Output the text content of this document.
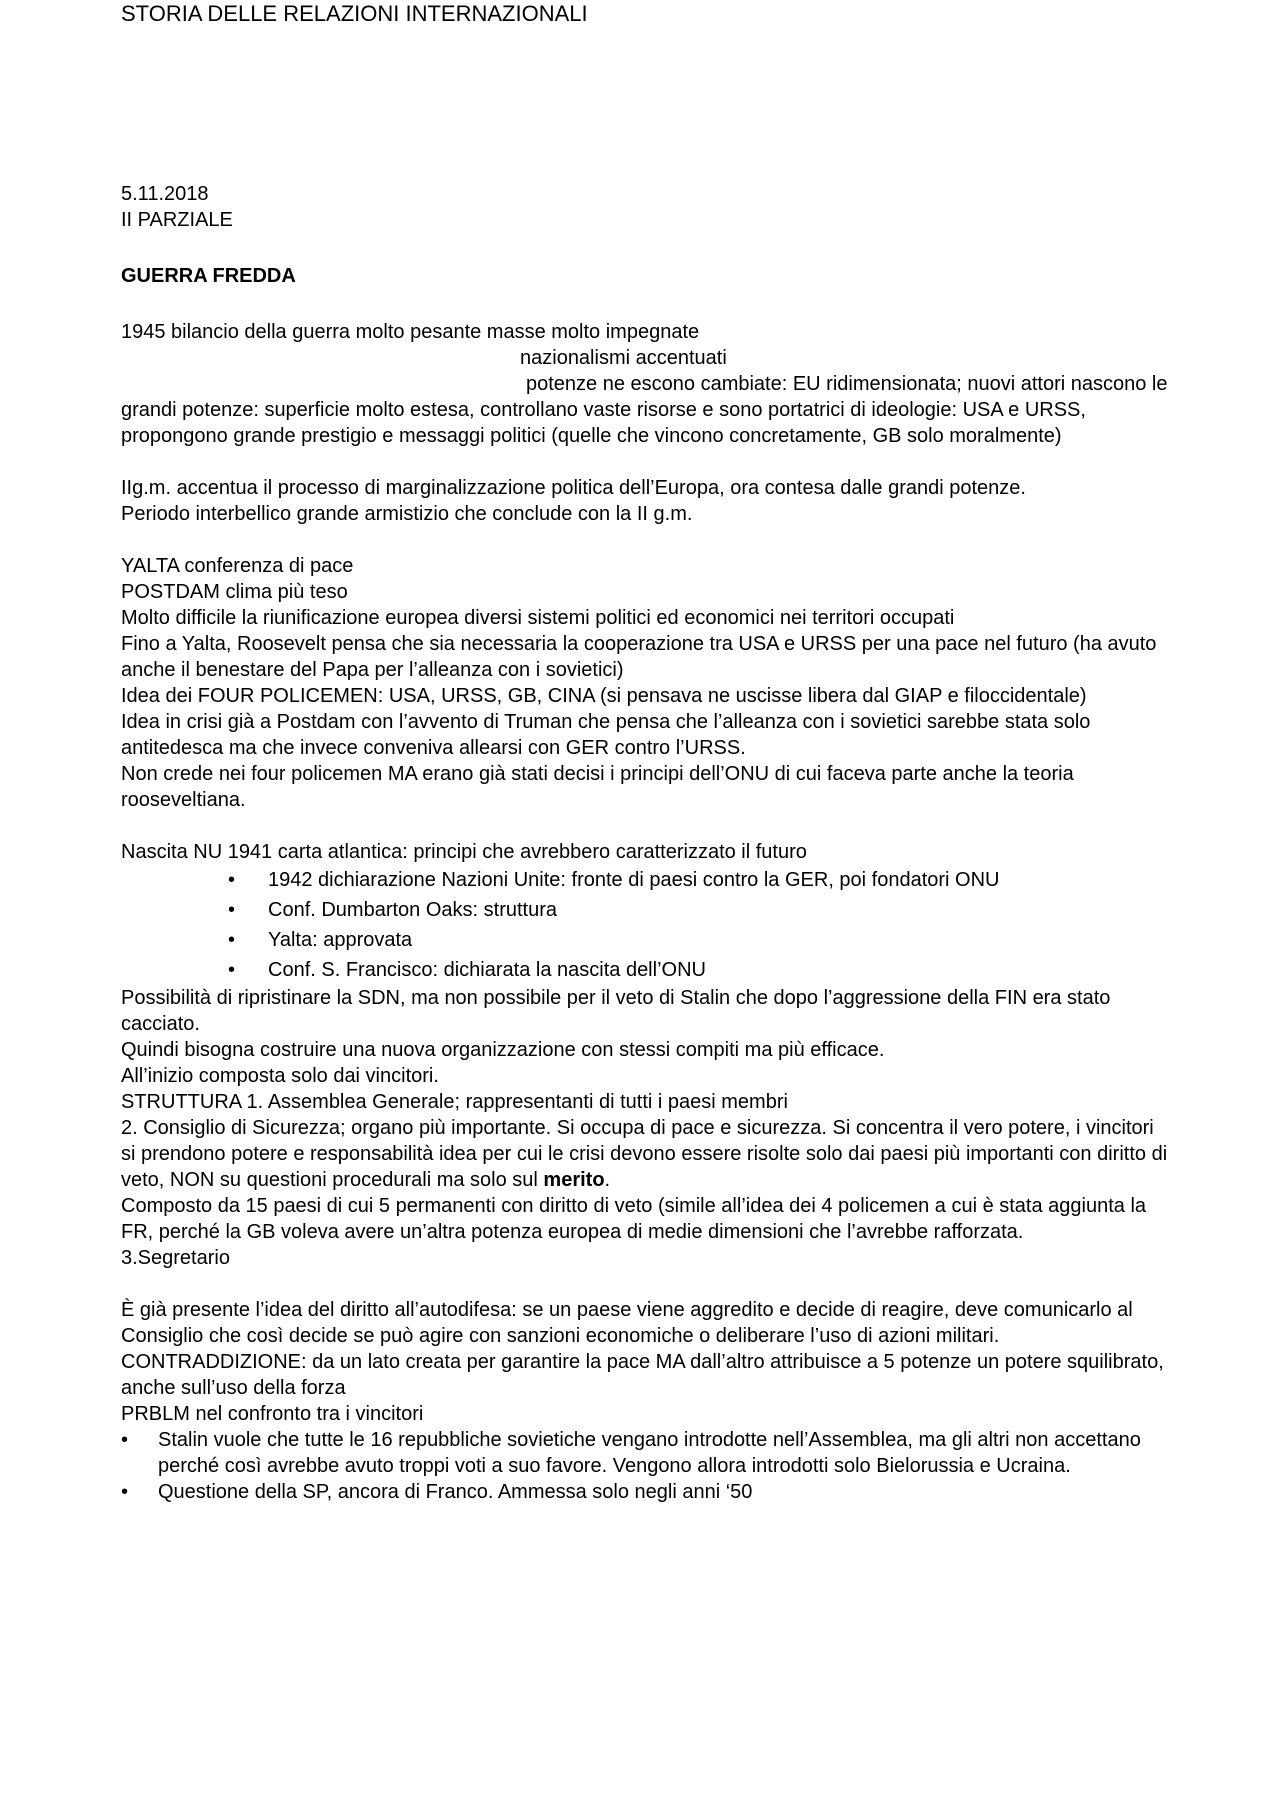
STORIA DELLE RELAZIONI INTERNAZIONALI

5.11.2018

II PARZIALE

GUERRA FREDDA

1945 bilancio della guerra molto pesante masse molto impegnate

nazionalismi accentuati

potenze ne escono cambiate: EU ridimensionata; nuovi attori nascono le grandi potenze: superficie molto estesa, controllano vaste risorse e sono portatrici di ideologie: USA e URSS, propongono grande prestigio e messaggi politici (quelle che vincono concretamente, GB solo moralmente)

IIg.m. accentua il processo di marginalizzazione politica dell’Europa, ora contesa dalle grandi potenze.

Periodo interbellico grande armistizio che conclude con la II g.m.

YALTA conferenza di pace

POSTDAM clima più teso

Molto difficile la riunificazione europea diversi sistemi politici ed economici nei territori occupati

Fino a Yalta, Roosevelt pensa che sia necessaria la cooperazione tra USA e URSS per una pace nel futuro (ha avuto anche il benestare del Papa per l’alleanza con i sovietici)

Idea dei FOUR POLICEMEN: USA, URSS, GB, CINA (si pensava ne uscisse libera dal GIAP e filoccidentale)

Idea in crisi già a Postdam con l’avvento di Truman che pensa che l’alleanza con i sovietici sarebbe stata solo antitedesca ma che invece conveniva allearsi con GER contro l’URSS.

Non crede nei four policemen MA erano già stati decisi i principi dell’ONU di cui faceva parte anche la teoria rooseveltiana.

Nascita NU 1941 carta atlantica: principi che avrebbero caratterizzato il futuro

• 1942 dichiarazione Nazioni Unite: fronte di paesi contro la GER, poi fondatori ONU
• Conf. Dumbarton Oaks: struttura
• Yalta: approvata
• Conf. S. Francisco: dichiarata la nascita dell’ONU

Possibilità di ripristinare la SDN, ma non possibile per il veto di Stalin che dopo l’aggressione della FIN era stato cacciato.

Quindi bisogna costruire una nuova organizzazione con stessi compiti ma più efficace.

All’inizio composta solo dai vincitori.

STRUTTURA 1. Assemblea Generale; rappresentanti di tutti i paesi membri

2. Consiglio di Sicurezza; organo più importante. Si occupa di pace e sicurezza. Si concentra il vero potere, i vincitori si prendono potere e responsabilità idea per cui le crisi devono essere risolte solo dai paesi più importanti con diritto di veto, NON su questioni procedurali ma solo sul merito.

Composto da 15 paesi di cui 5 permanenti con diritto di veto (simile all’idea dei 4 policemen a cui è stata aggiunta la FR, perché la GB voleva avere un’altra potenza europea di medie dimensioni che l’avrebbe rafforzata.

3.Segretario

È già presente l’idea del diritto all’autodifesa: se un paese viene aggredito e decide di reagire, deve comunicarlo al Consiglio che così decide se può agire con sanzioni economiche o deliberare l’uso di azioni militari.

CONTRADDIZIONE: da un lato creata per garantire la pace MA dall’altro attribuisce a 5 potenze un potere squilibrato, anche sull’uso della forza

PRBLM nel confronto tra i vincitori

• Stalin vuole che tutte le 16 repubbliche sovietiche vengano introdotte nell’Assemblea, ma gli altri non accettano perché così avrebbe avuto troppi voti a suo favore. Vengono allora introdotti solo Bielorussia e Ucraina.
• Questione della SP, ancora di Franco. Ammessa solo negli anni ‘50
